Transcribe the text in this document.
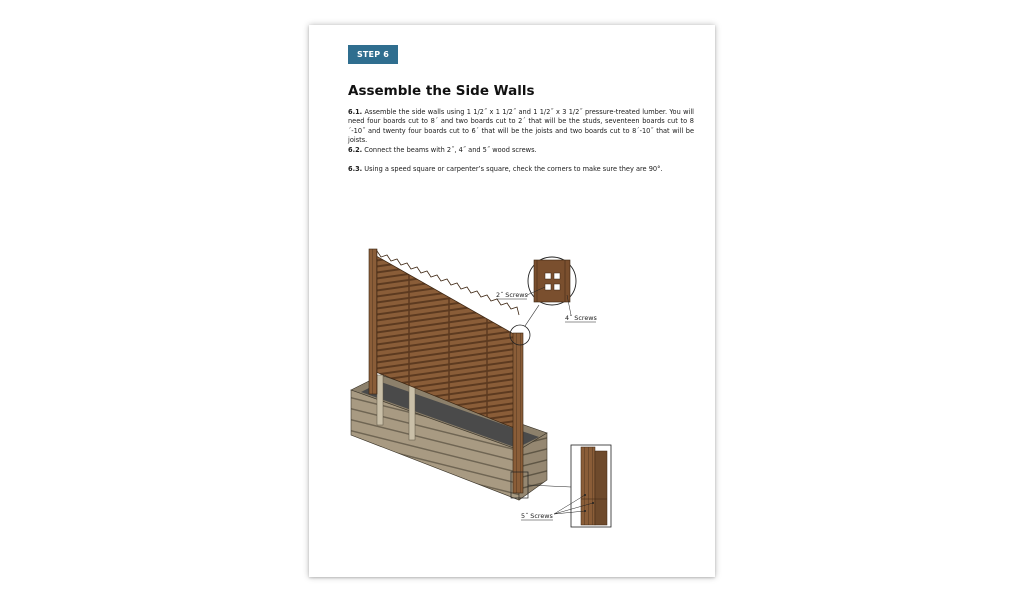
STEP 6
Assemble the Side Walls

6.1. Assemble the side walls using 1 1/2˝ x 1 1/2˝ and 1 1/2˝ x 3 1/2˝ pressure-treated lumber. You will need four boards cut to 8´ and two boards cut to 2´ that will be the studs, seventeen boards cut to 8´-10˝ and twenty four boards cut to 6´ that will be the joists and two boards cut to 8´-10˝ that will be joists.

6.2. Connect the beams with 2˝, 4˝ and 5˝ wood screws.

6.3. Using a speed square or carpenter’s square, check the corners to make sure they are 90°.

2˝ Screws
4˝ Screws
5˝ Screws
